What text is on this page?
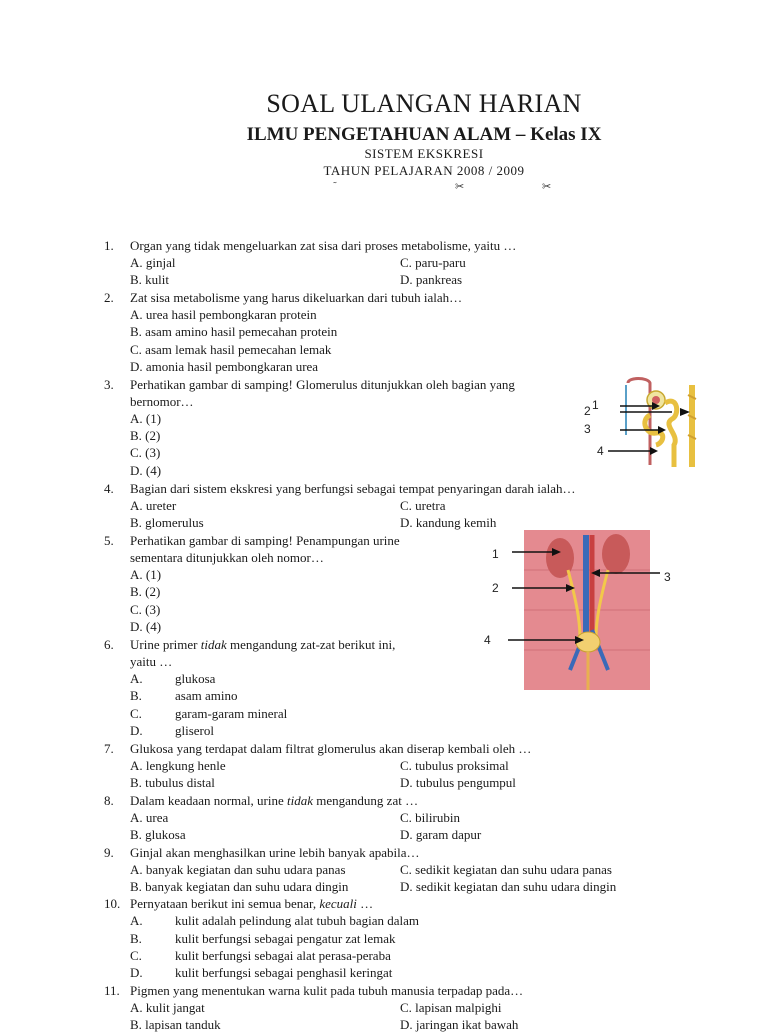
SOAL ULANGAN HARIAN
ILMU PENGETAHUAN ALAM – Kelas IX
SISTEM EKSKRESI
TAHUN PELAJARAN 2008 / 2009
˜	✂	✂
1. Organ yang tidak mengeluarkan zat sisa dari proses metabolisme, yaitu …
A. ginjal	C. paru-paru
B. kulit	D. pankreas
2. Zat sisa metabolisme yang harus dikeluarkan dari tubuh ialah…
A. urea hasil pembongkaran protein
B. asam amino hasil pemecahan protein
C. asam lemak hasil pemecahan lemak
D. amonia hasil pembongkaran urea
3. Perhatikan gambar di samping! Glomerulus ditunjukkan oleh bagian yang
bernomor…
A. (1)
B. (2)
C. (3)
D. (4)
1
2
3
4
4. Bagian dari sistem ekskresi yang berfungsi sebagai tempat penyaringan darah ialah…
A. ureter	C. uretra
B. glomerulus	D. kandung kemih
5. Perhatikan gambar di samping! Penampungan urine
sementara ditunjukkan oleh nomor…
A. (1)
B. (2)
C. (3)
D. (4)
1
2
3
4
6. Urine primer tidak mengandung zat-zat berikut ini,
yaitu …
A. glukosa
B.	asam amino
C.	garam-garam mineral
D. gliserol
7. Glukosa yang terdapat dalam filtrat glomerulus akan diserap kembali oleh …
A. lengkung henle	C. tubulus proksimal
B. tubulus distal	D. tubulus pengumpul
8. Dalam keadaan normal, urine tidak mengandung zat …
A. urea	C. bilirubin
B. glukosa	D. garam dapur
9. Ginjal akan menghasilkan urine lebih banyak apabila…
A. banyak kegiatan dan suhu udara panas	C. sedikit kegiatan dan suhu udara panas
B. banyak kegiatan dan suhu udara dingin	D. sedikit kegiatan dan suhu udara dingin
10. Pernyataan berikut ini semua benar, kecuali …
A. kulit adalah pelindung alat tubuh bagian dalam
B.	kulit berfungsi sebagai pengatur zat lemak
C.	kulit berfungsi sebagai alat perasa-peraba
D. kulit berfungsi sebagai penghasil keringat
11. Pigmen yang menentukan warna kulit pada tubuh manusia terpadap pada…
A. kulit jangat	C. lapisan malpighi
B. lapisan tanduk	D. jaringan ikat bawah
